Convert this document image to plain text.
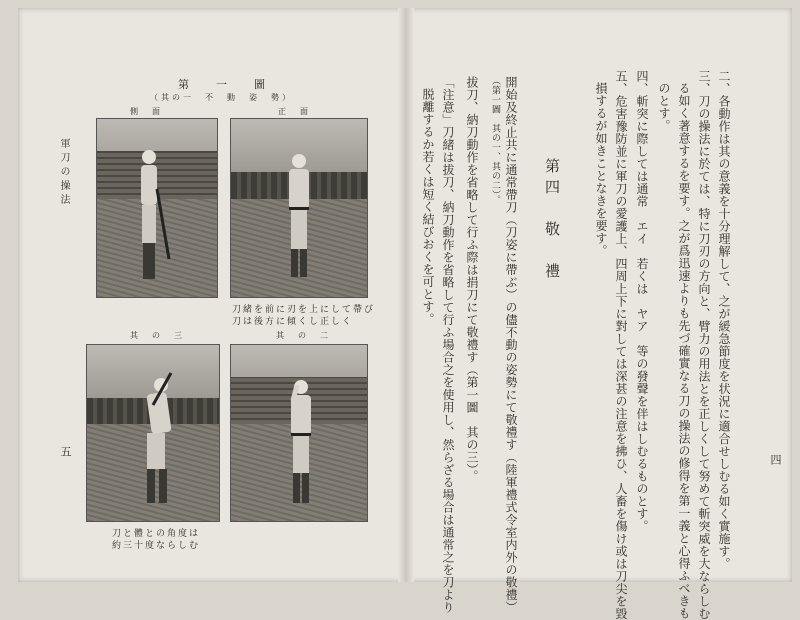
四
二、各動作は其の意義を十分理解して、之が緩急節度を状況に適合せしむる如く實施す。
三、刀の操法に於ては、特に刀刃の方向と、臂力の用法とを正しくして努めて斬突威を大ならしむ
る如く著意するを要す。之が爲迅速よりも先づ確實なる刀の操法の修得を第一義と心得ふべきも
のとす。
四、斬突に際しては通常　エイ　若くは　ヤア　等の發聲を伴はしむるものとす。
五、危害豫防並に軍刀の愛護上、四周上下に對しては深甚の注意を拂ひ、人畜を傷け或は刀尖を毀
損するが如きことなきを要す。
第四　敬　禮
開始及終止共に通常帶刀（刀姿に帶ぶ）の儘不動の姿勢にて敬禮す（陸軍禮式令室内外の敬禮）
（第一圖　其の一、其の二）。
拔刀、納刀動作を省略して行ふ際は捐刀にて敬禮す（第一圖　其の三）。
「注意」刀緒は拔刀、納刀動作を省略して行ふ場合之を使用し、然らざる場合は通常之を刀より
脱離するか若くは短く結びおくを可とす。
軍刀の操法
五
第　一　圖
（其の一　不　動　姿　勢）
側　面	正　面
刀緒を前に刃を上にして帶び
刀は後方に傾くし正しく
其　の　三	其　の　二
刀と體との角度は
約三十度ならしむ
